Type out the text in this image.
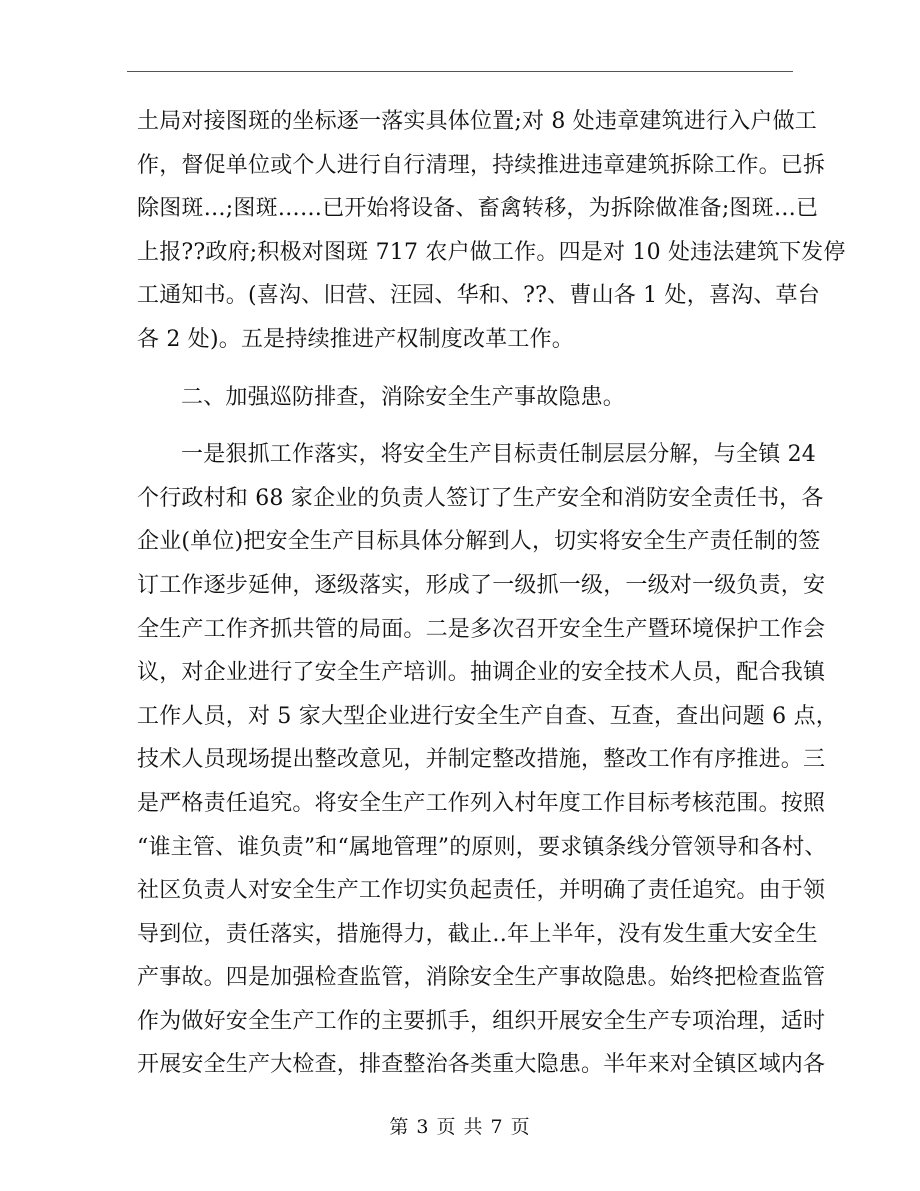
土局对接图斑的坐标逐一落实具体位置;对 8 处违章建筑进行入户做工
作，督促单位或个人进行自行清理，持续推进违章建筑拆除工作。已拆
除图斑…;图斑……已开始将设备、畜禽转移，为拆除做准备;图斑…已
上报??政府;积极对图斑 717 农户做工作。四是对 10 处违法建筑下发停
工通知书。(喜沟、旧营、汪园、华和、??、曹山各 1 处，喜沟、草台
各 2 处)。五是持续推进产权制度改革工作。

二、加强巡防排查，消除安全生产事故隐患。

一是狠抓工作落实，将安全生产目标责任制层层分解，与全镇 24
个行政村和 68 家企业的负责人签订了生产安全和消防安全责任书，各
企业(单位)把安全生产目标具体分解到人，切实将安全生产责任制的签
订工作逐步延伸，逐级落实，形成了一级抓一级，一级对一级负责，安
全生产工作齐抓共管的局面。二是多次召开安全生产暨环境保护工作会
议，对企业进行了安全生产培训。抽调企业的安全技术人员，配合我镇
工作人员，对 5 家大型企业进行安全生产自查、互查，查出问题 6 点，
技术人员现场提出整改意见，并制定整改措施，整改工作有序推进。三
是严格责任追究。将安全生产工作列入村年度工作目标考核范围。按照
“谁主管、谁负责”和“属地管理”的原则，要求镇条线分管领导和各村、
社区负责人对安全生产工作切实负起责任，并明确了责任追究。由于领
导到位，责任落实，措施得力，截止‥年上半年，没有发生重大安全生
产事故。四是加强检查监管，消除安全生产事故隐患。始终把检查监管
作为做好安全生产工作的主要抓手，组织开展安全生产专项治理，适时
开展安全生产大检查，排查整治各类重大隐患。半年来对全镇区域内各

第 3 页 共 7 页
